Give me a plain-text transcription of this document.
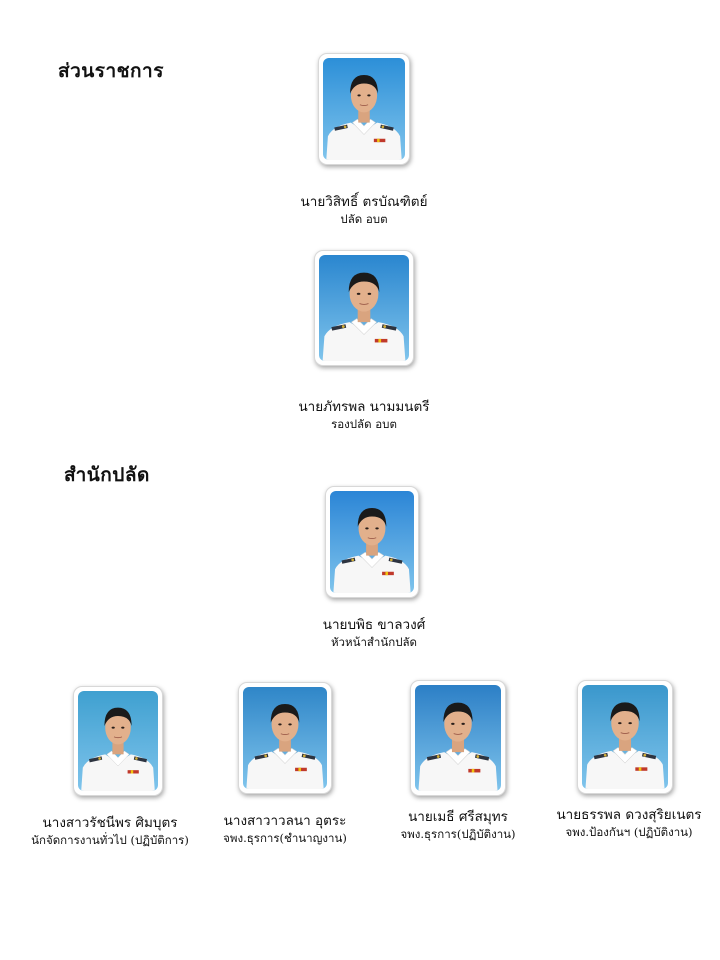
ส่วนราชการ
สำนักปลัด
นายวิสิทธิ์ ตรบัณฑิตย์
ปลัด อบต
นายภัทรพล นามมนตรี
รองปลัด อบต
นายบพิธ ขาลวงศ์
หัวหน้าสำนักปลัด
นางสาวรัชนีพร ศิมบุตร
นักจัดการงานทั่วไป (ปฏิบัติการ)
นางสาวาวลนา อุตระ
จพง.ธุรการ(ชำนาญงาน)
นายเมธี ศรีสมุทร
จพง.ธุรการ(ปฏิบัติงาน)
นายธรรพล ดวงสุริยเนตร
จพง.ป้องกันฯ (ปฏิบัติงาน)
